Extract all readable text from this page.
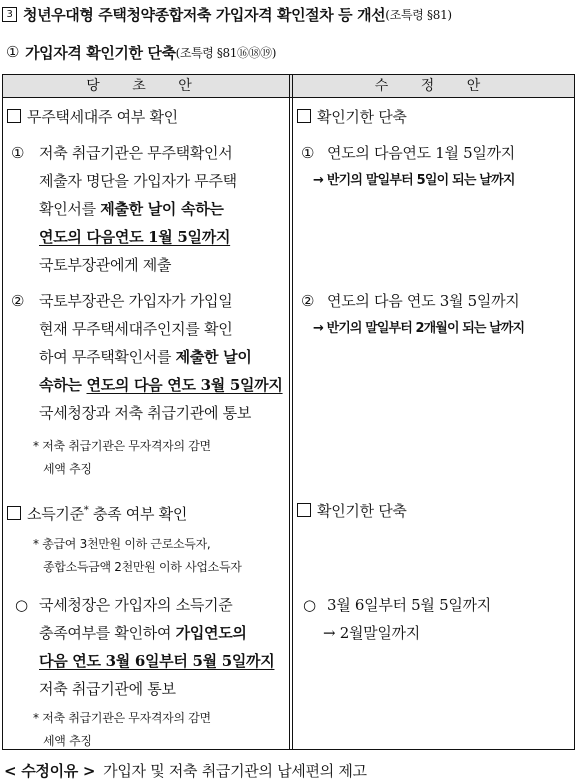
3 청년우대형 주택청약종합저축 가입자격 확인절차 등 개선 (조특령 §81)
① 가입자격 확인기한 단축 (조특령 §81⑯⑱⑲)
당 초 안	수 정 안
무주택세대주 여부 확인
① 저축 취급기관은 무주택확인서
제출자 명단을 가입자가 무주택
확인서를 제출한 날이 속하는
연도의 다음연도 1월 5일까지
국토부장관에게 제출
② 국토부장관은 가입자가 가입일
현재 무주택세대주인지를 확인
하여 무주택확인서를 제출한 날이
속하는 연도의 다음 연도 3월 5일까지
국세청장과 저축 취급기관에 통보
* 저축 취급기관은 무자격자의 감면
세액 추징
소득기준* 충족 여부 확인
* 총급여 3천만원 이하 근로소득자,
종합소득금액 2천만원 이하 사업소득자
○ 국세청장은 가입자의 소득기준
충족여부를 확인하여 가입연도의
다음 연도 3월 6일부터 5월 5일까지
저축 취급기관에 통보
* 저축 취급기관은 무자격자의 감면
세액 추징
확인기한 단축
① 연도의 다음연도 1월 5일까지
→ 반기의 말일부터 5일이 되는 날까지
② 연도의 다음 연도 3월 5일까지
→ 반기의 말일부터 2개월이 되는 날까지
확인기한 단축
○ 3월 6일부터 5월 5일까지
→ 2월말일까지
< 수정이유 > 가입자 및 저축 취급기관의 납세편의 제고
